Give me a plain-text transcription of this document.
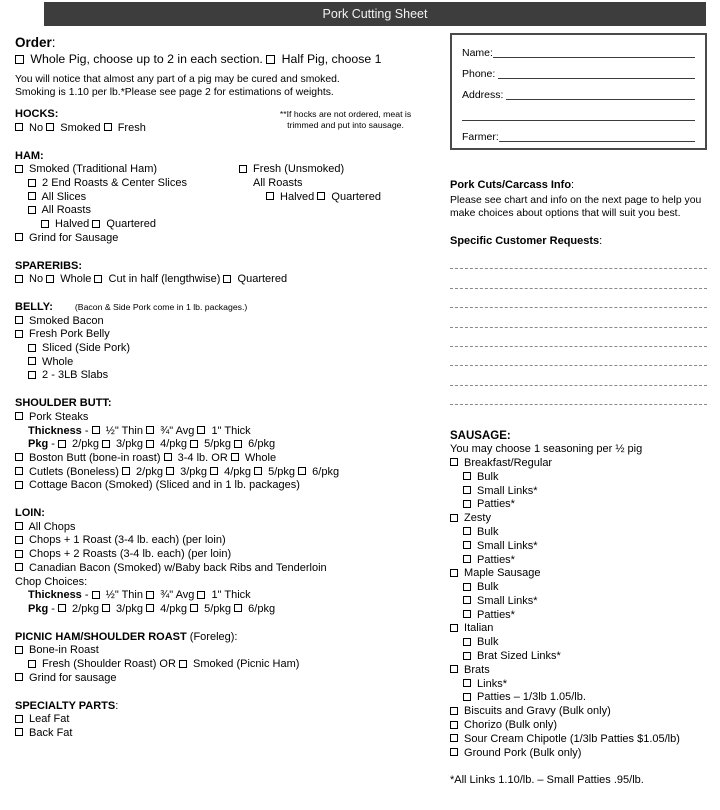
Pork Cutting Sheet
Order:
Whole Pig, choose up to 2 in each section.  Half Pig, choose 1
You will notice that almost any part of a pig may be cured and smoked.
Smoking is 1.10 per lb.*Please see page 2 for estimations of weights.
HOCKS:
No  Smoked  Fresh
**If hocks are not ordered, meat is
trimmed and put into sausage.
HAM:
Smoked (Traditional Ham)	Fresh (Unsmoked)
2 End Roasts & Center Slices	All Roasts
All Slices	Halved  Quartered
All Roasts
Halved  Quartered
Grind for Sausage
SPARERIBS:
No  Whole  Cut in half (lengthwise)  Quartered
BELLY:	(Bacon & Side Pork come in 1 lb. packages.)
Smoked Bacon
Fresh Pork Belly
Sliced (Side Pork)
Whole
2 - 3LB Slabs
SHOULDER BUTT:
Pork Steaks
Thickness -  ½" Thin  ¾" Avg  1" Thick
Pkg -  2/pkg  3/pkg  4/pkg  5/pkg  6/pkg
Boston Butt (bone-in roast)  3-4 lb. OR  Whole
Cutlets (Boneless)  2/pkg  3/pkg  4/pkg  5/pkg  6/pkg
Cottage Bacon (Smoked) (Sliced and in 1 lb. packages)
LOIN:
All Chops
Chops + 1 Roast (3-4 lb. each) (per loin)
Chops + 2 Roasts (3-4 lb. each) (per loin)
Canadian Bacon (Smoked) w/Baby back Ribs and Tenderloin
Chop Choices:
Thickness -  ½" Thin  ¾" Avg  1" Thick
Pkg -  2/pkg  3/pkg  4/pkg  5/pkg  6/pkg
PICNIC HAM/SHOULDER ROAST (Foreleg):
Bone-in Roast
Fresh (Shoulder Roast) OR  Smoked (Picnic Ham)
Grind for sausage
SPECIALTY PARTS:
Leaf Fat
Back Fat
Name:
Phone:
Address:
Farmer:
Pork Cuts/Carcass Info:
Please see chart and info on the next page to help you
make choices about options that will suit you best.
Specific Customer Requests:
SAUSAGE:
You may choose 1 seasoning per ½ pig
Breakfast/Regular
Bulk
Small Links*
Patties*
Zesty
Bulk
Small Links*
Patties*
Maple Sausage
Bulk
Small Links*
Patties*
Italian
Bulk
Brat Sized Links*
Brats
Links*
Patties – 1/3lb 1.05/lb.
Biscuits and Gravy (Bulk only)
Chorizo (Bulk only)
Sour Cream Chipotle (1/3lb Patties $1.05/lb)
Ground Pork (Bulk only)
*All Links 1.10/lb. – Small Patties .95/lb.
